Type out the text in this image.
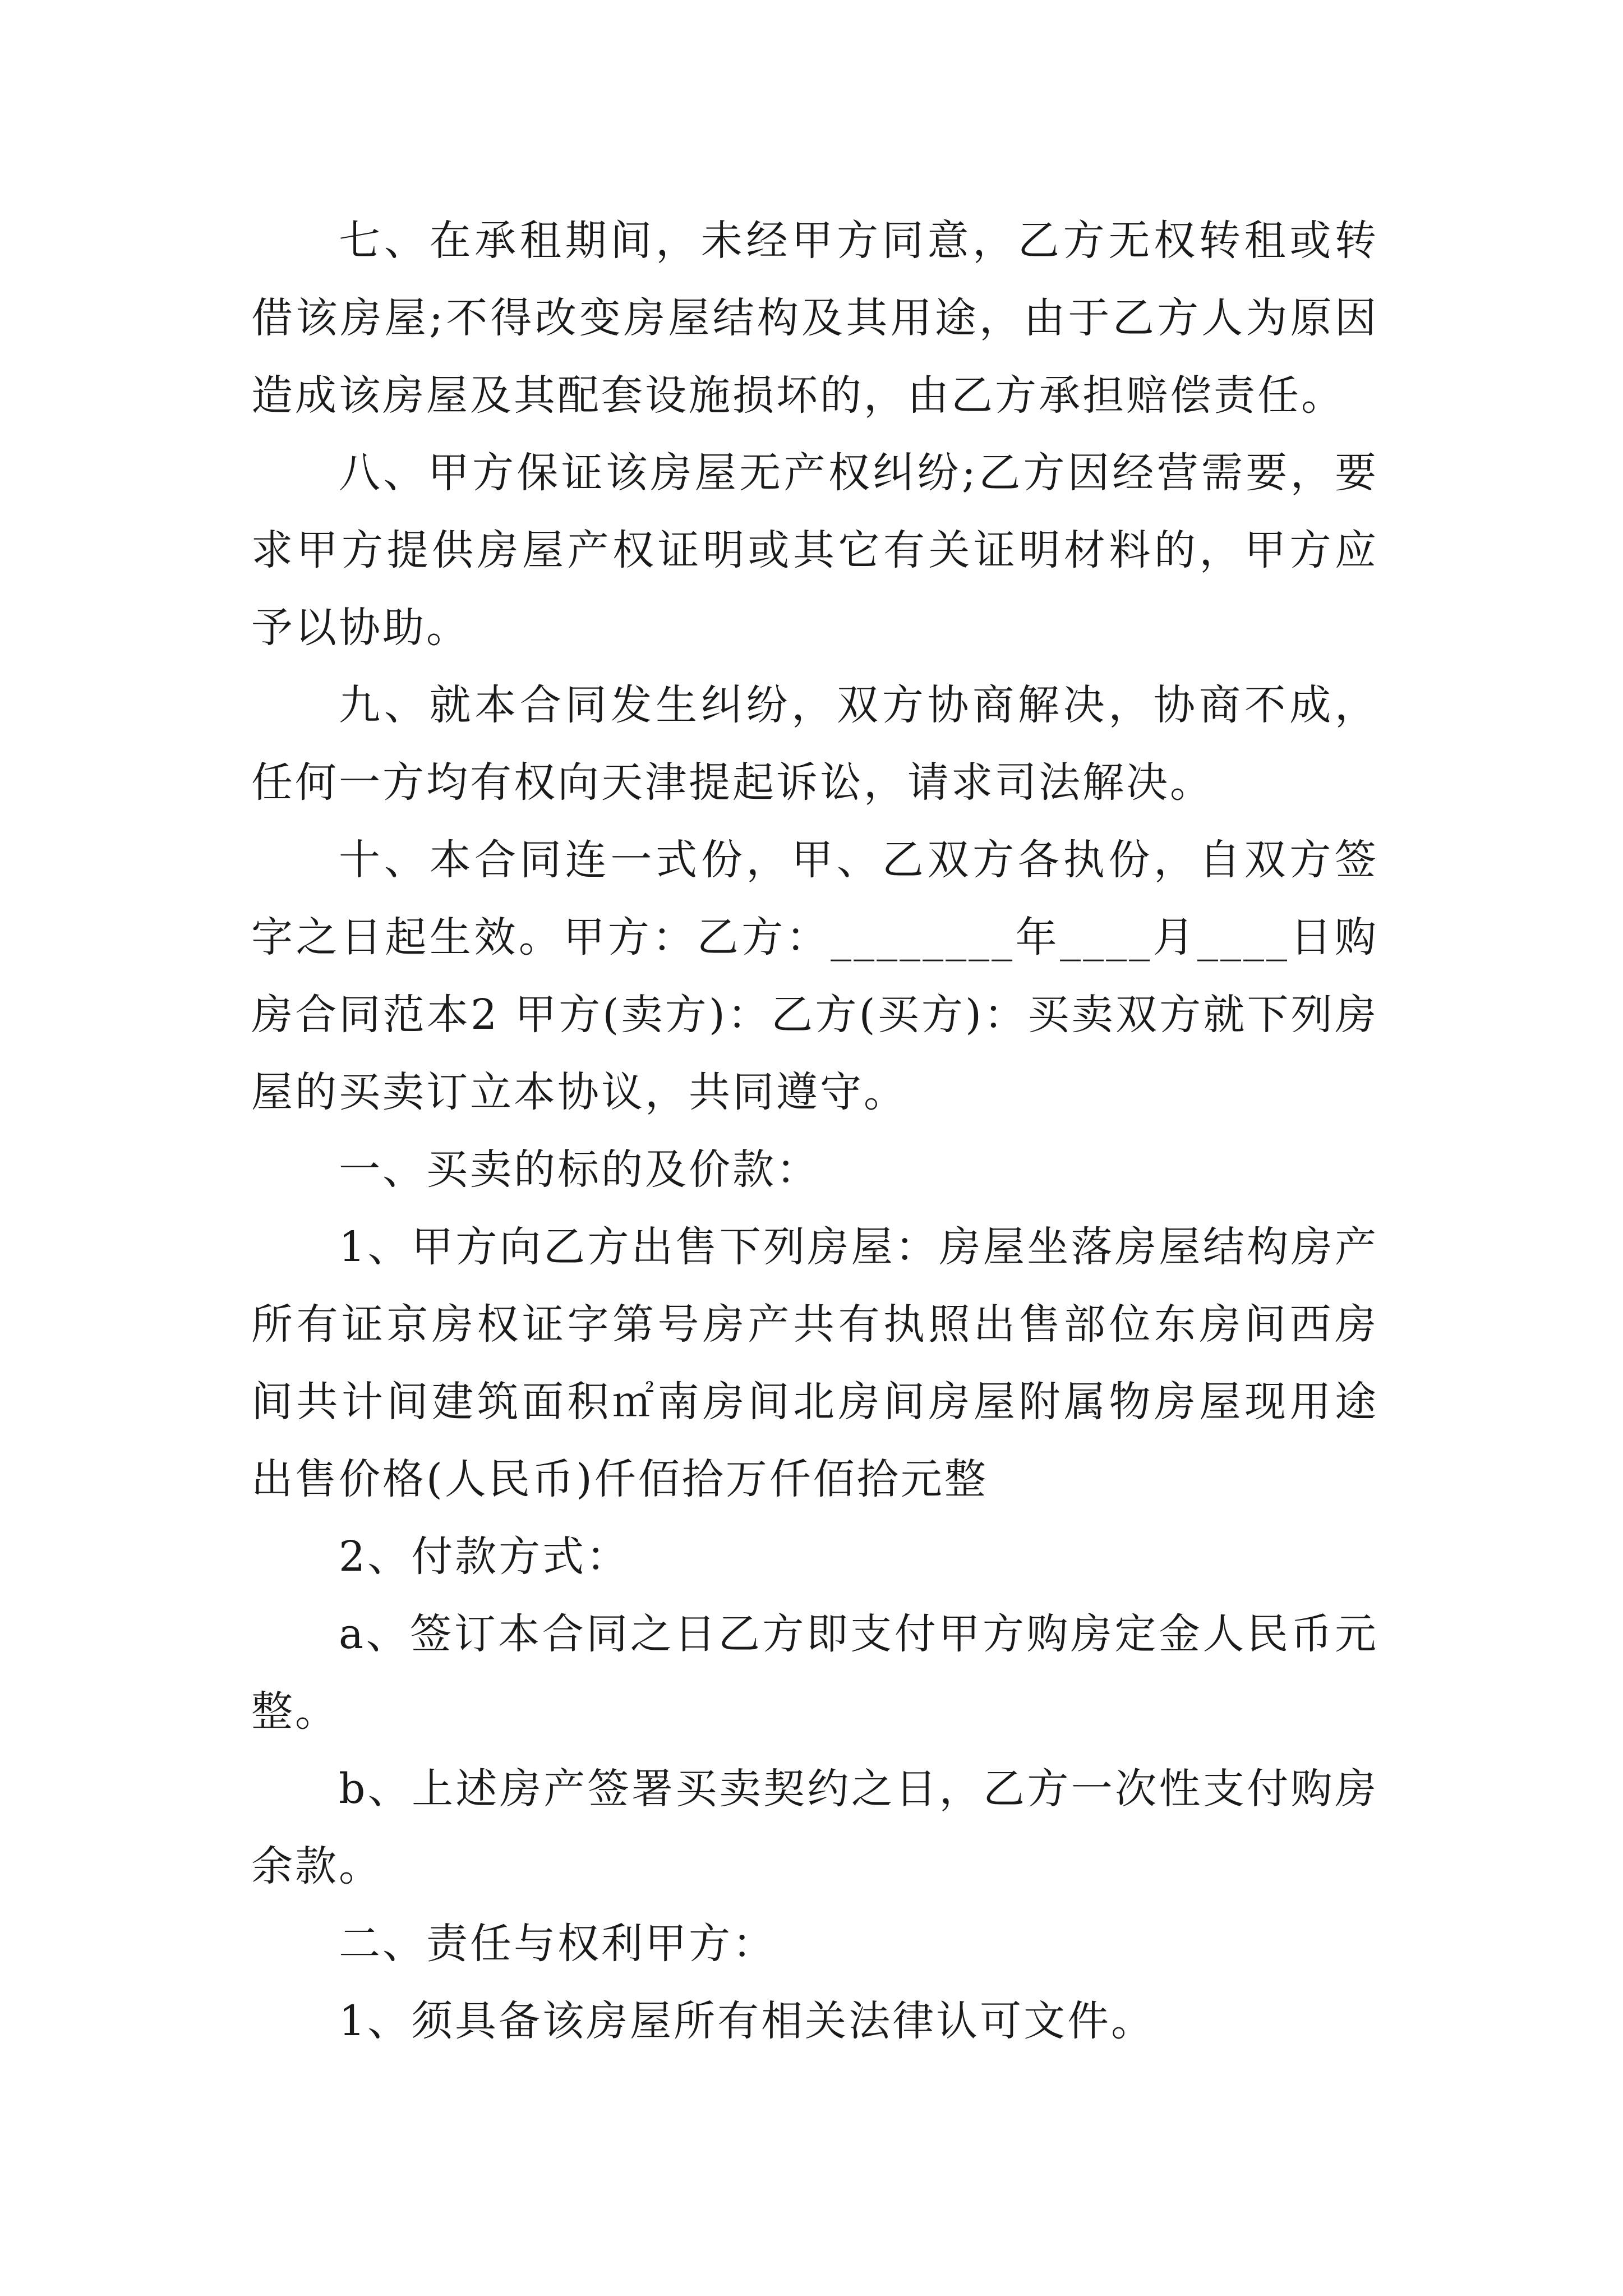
七、在承租期间，未经甲方同意，乙方无权转租或转借该房屋;不得改变房屋结构及其用途，由于乙方人为原因造成该房屋及其配套设施损坏的，由乙方承担赔偿责任。

八、甲方保证该房屋无产权纠纷;乙方因经营需要，要求甲方提供房屋产权证明或其它有关证明材料的，甲方应予以协助。

九、就本合同发生纠纷，双方协商解决，协商不成，任何一方均有权向天津提起诉讼，请求司法解决。

十、本合同连一式份，甲、乙双方各执份，自双方签字之日起生效。甲方：乙方：________年____月____日购房合同范本2 甲方(卖方)：乙方(买方)：买卖双方就下列房屋的买卖订立本协议，共同遵守。

一、买卖的标的及价款：

1、甲方向乙方出售下列房屋：房屋坐落房屋结构房产所有证京房权证字第号房产共有执照出售部位东房间西房间共计间建筑面积㎡南房间北房间房屋附属物房屋现用途出售价格(人民币)仟佰拾万仟佰拾元整

2、付款方式：

a、签订本合同之日乙方即支付甲方购房定金人民币元整。

b、上述房产签署买卖契约之日，乙方一次性支付购房余款。

二、责任与权利甲方：

1、须具备该房屋所有相关法律认可文件。
